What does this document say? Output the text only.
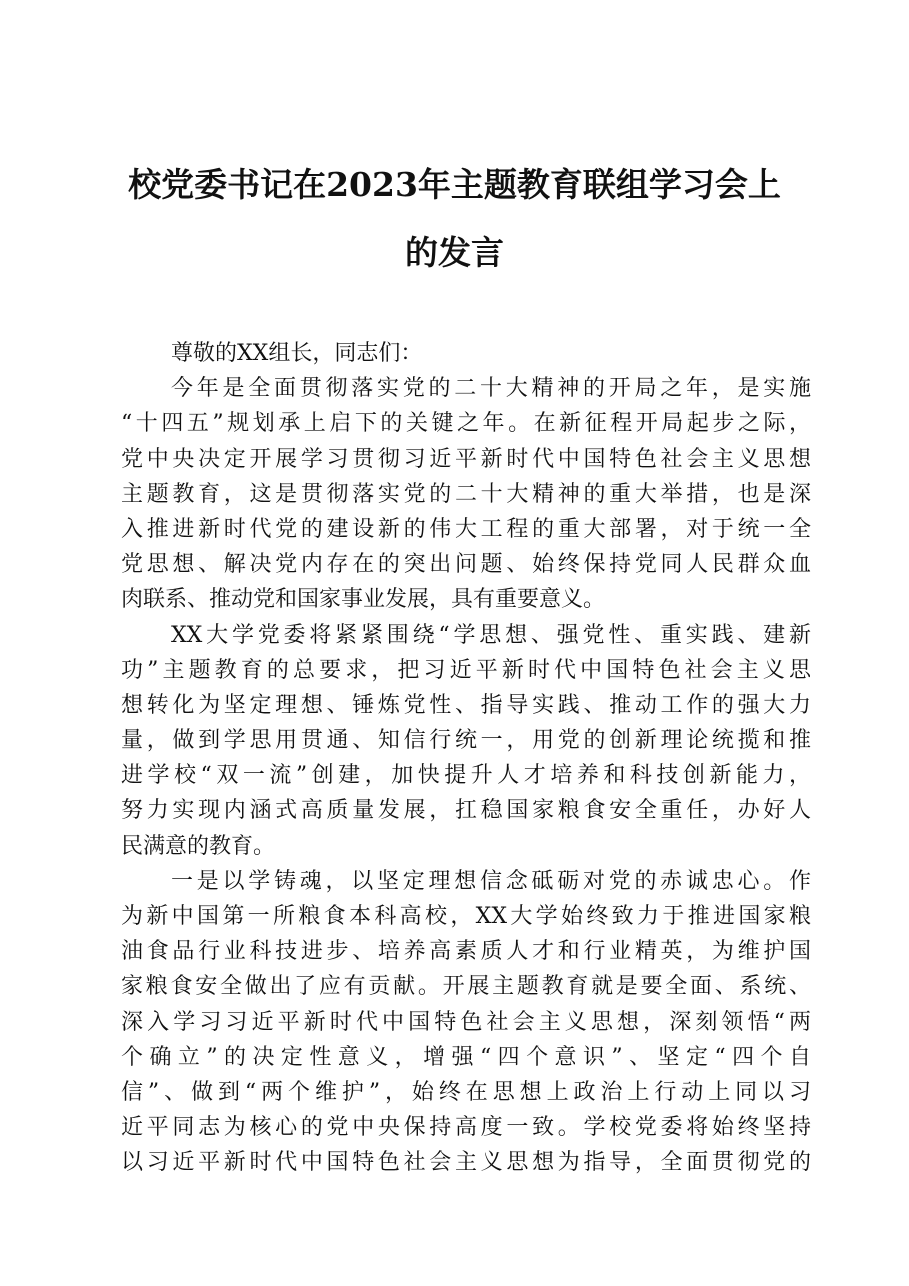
校党委书记在2023年主题教育联组学习会上
的发言
尊敬的XX组长，同志们：
今年是全面贯彻落实党的二十大精神的开局之年，是实施
“十四五”规划承上启下的关键之年。在新征程开局起步之际，
党中央决定开展学习贯彻习近平新时代中国特色社会主义思想
主题教育，这是贯彻落实党的二十大精神的重大举措，也是深
入推进新时代党的建设新的伟大工程的重大部署，对于统一全
党思想、解决党内存在的突出问题、始终保持党同人民群众血
肉联系、推动党和国家事业发展，具有重要意义。
XX大学党委将紧紧围绕“学思想、强党性、重实践、建新
功”主题教育的总要求，把习近平新时代中国特色社会主义思
想转化为坚定理想、锤炼党性、指导实践、推动工作的强大力
量，做到学思用贯通、知信行统一，用党的创新理论统揽和推
进学校“双一流”创建，加快提升人才培养和科技创新能力，
努力实现内涵式高质量发展，扛稳国家粮食安全重任，办好人
民满意的教育。
一是以学铸魂，以坚定理想信念砥砺对党的赤诚忠心。作
为新中国第一所粮食本科高校，XX大学始终致力于推进国家粮
油食品行业科技进步、培养高素质人才和行业精英，为维护国
家粮食安全做出了应有贡献。开展主题教育就是要全面、系统、
深入学习习近平新时代中国特色社会主义思想，深刻领悟“两
个确立”的决定性意义，增强“四个意识”、坚定“四个自
信”、做到“两个维护”，始终在思想上政治上行动上同以习
近平同志为核心的党中央保持高度一致。学校党委将始终坚持
以习近平新时代中国特色社会主义思想为指导，全面贯彻党的
